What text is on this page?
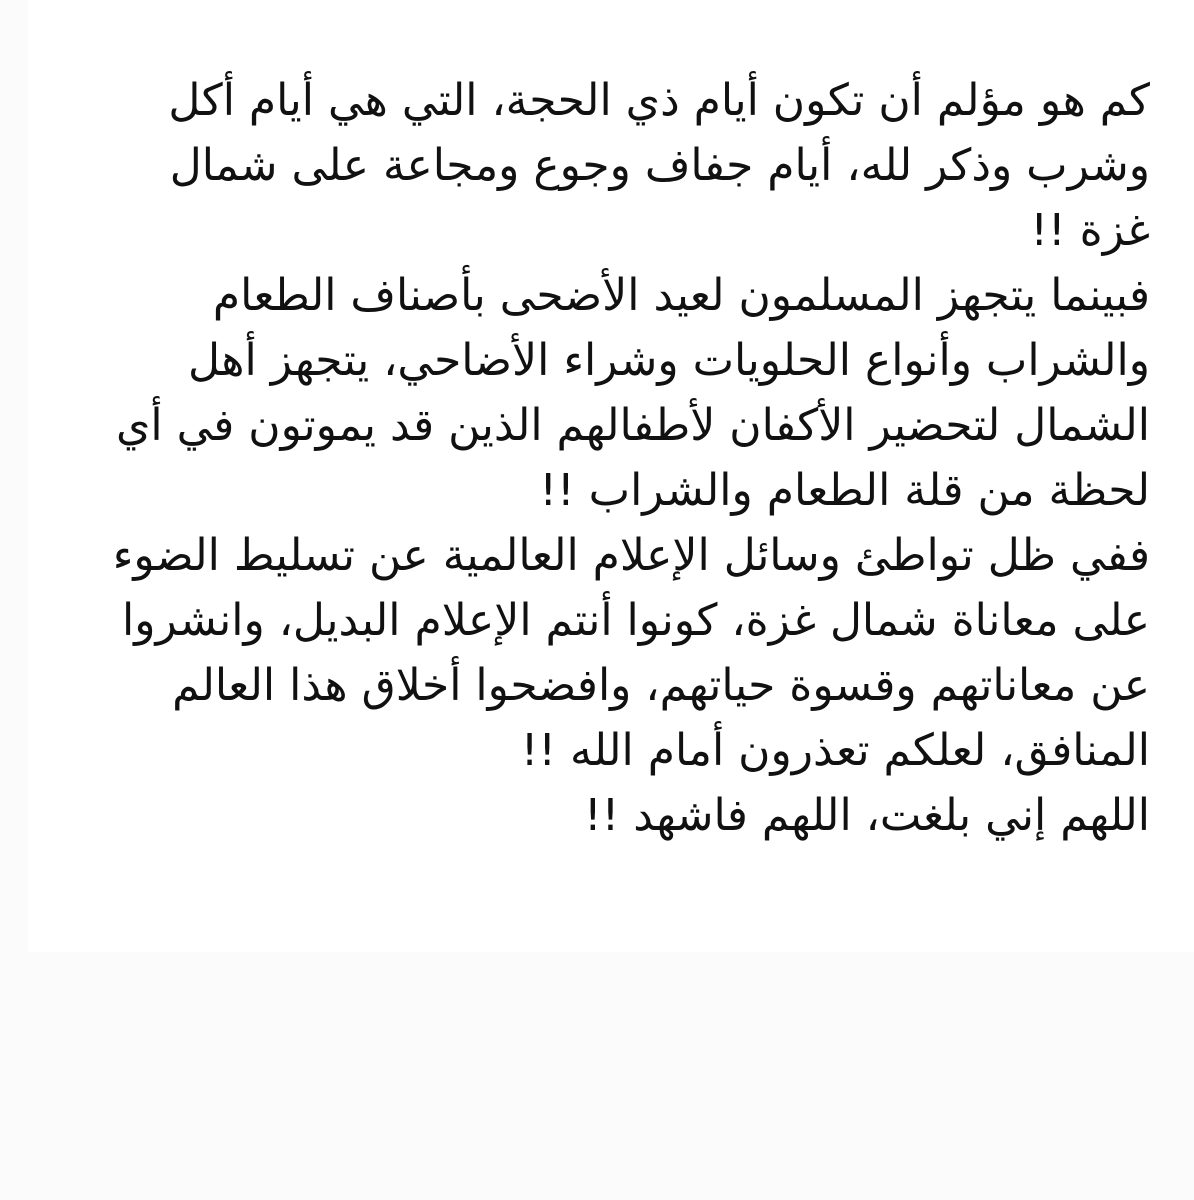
كم هو مؤلم أن تكون أيام ذي الحجة، التي هي أيام أكل
وشرب وذكر لله، أيام جفاف وجوع ومجاعة على شمال
غزة !!
فبينما يتجهز المسلمون لعيد الأضحى بأصناف الطعام
والشراب وأنواع الحلويات وشراء الأضاحي، يتجهز أهل
الشمال لتحضير الأكفان لأطفالهم الذين قد يموتون في أي
لحظة من قلة الطعام والشراب !!
ففي ظل تواطئ وسائل الإعلام العالمية عن تسليط الضوء
على معاناة شمال غزة، كونوا أنتم الإعلام البديل، وانشروا
عن معاناتهم وقسوة حياتهم، وافضحوا أخلاق هذا العالم
المنافق، لعلكم تعذرون أمام الله !!
اللهم إني بلغت، اللهم فاشهد !!
